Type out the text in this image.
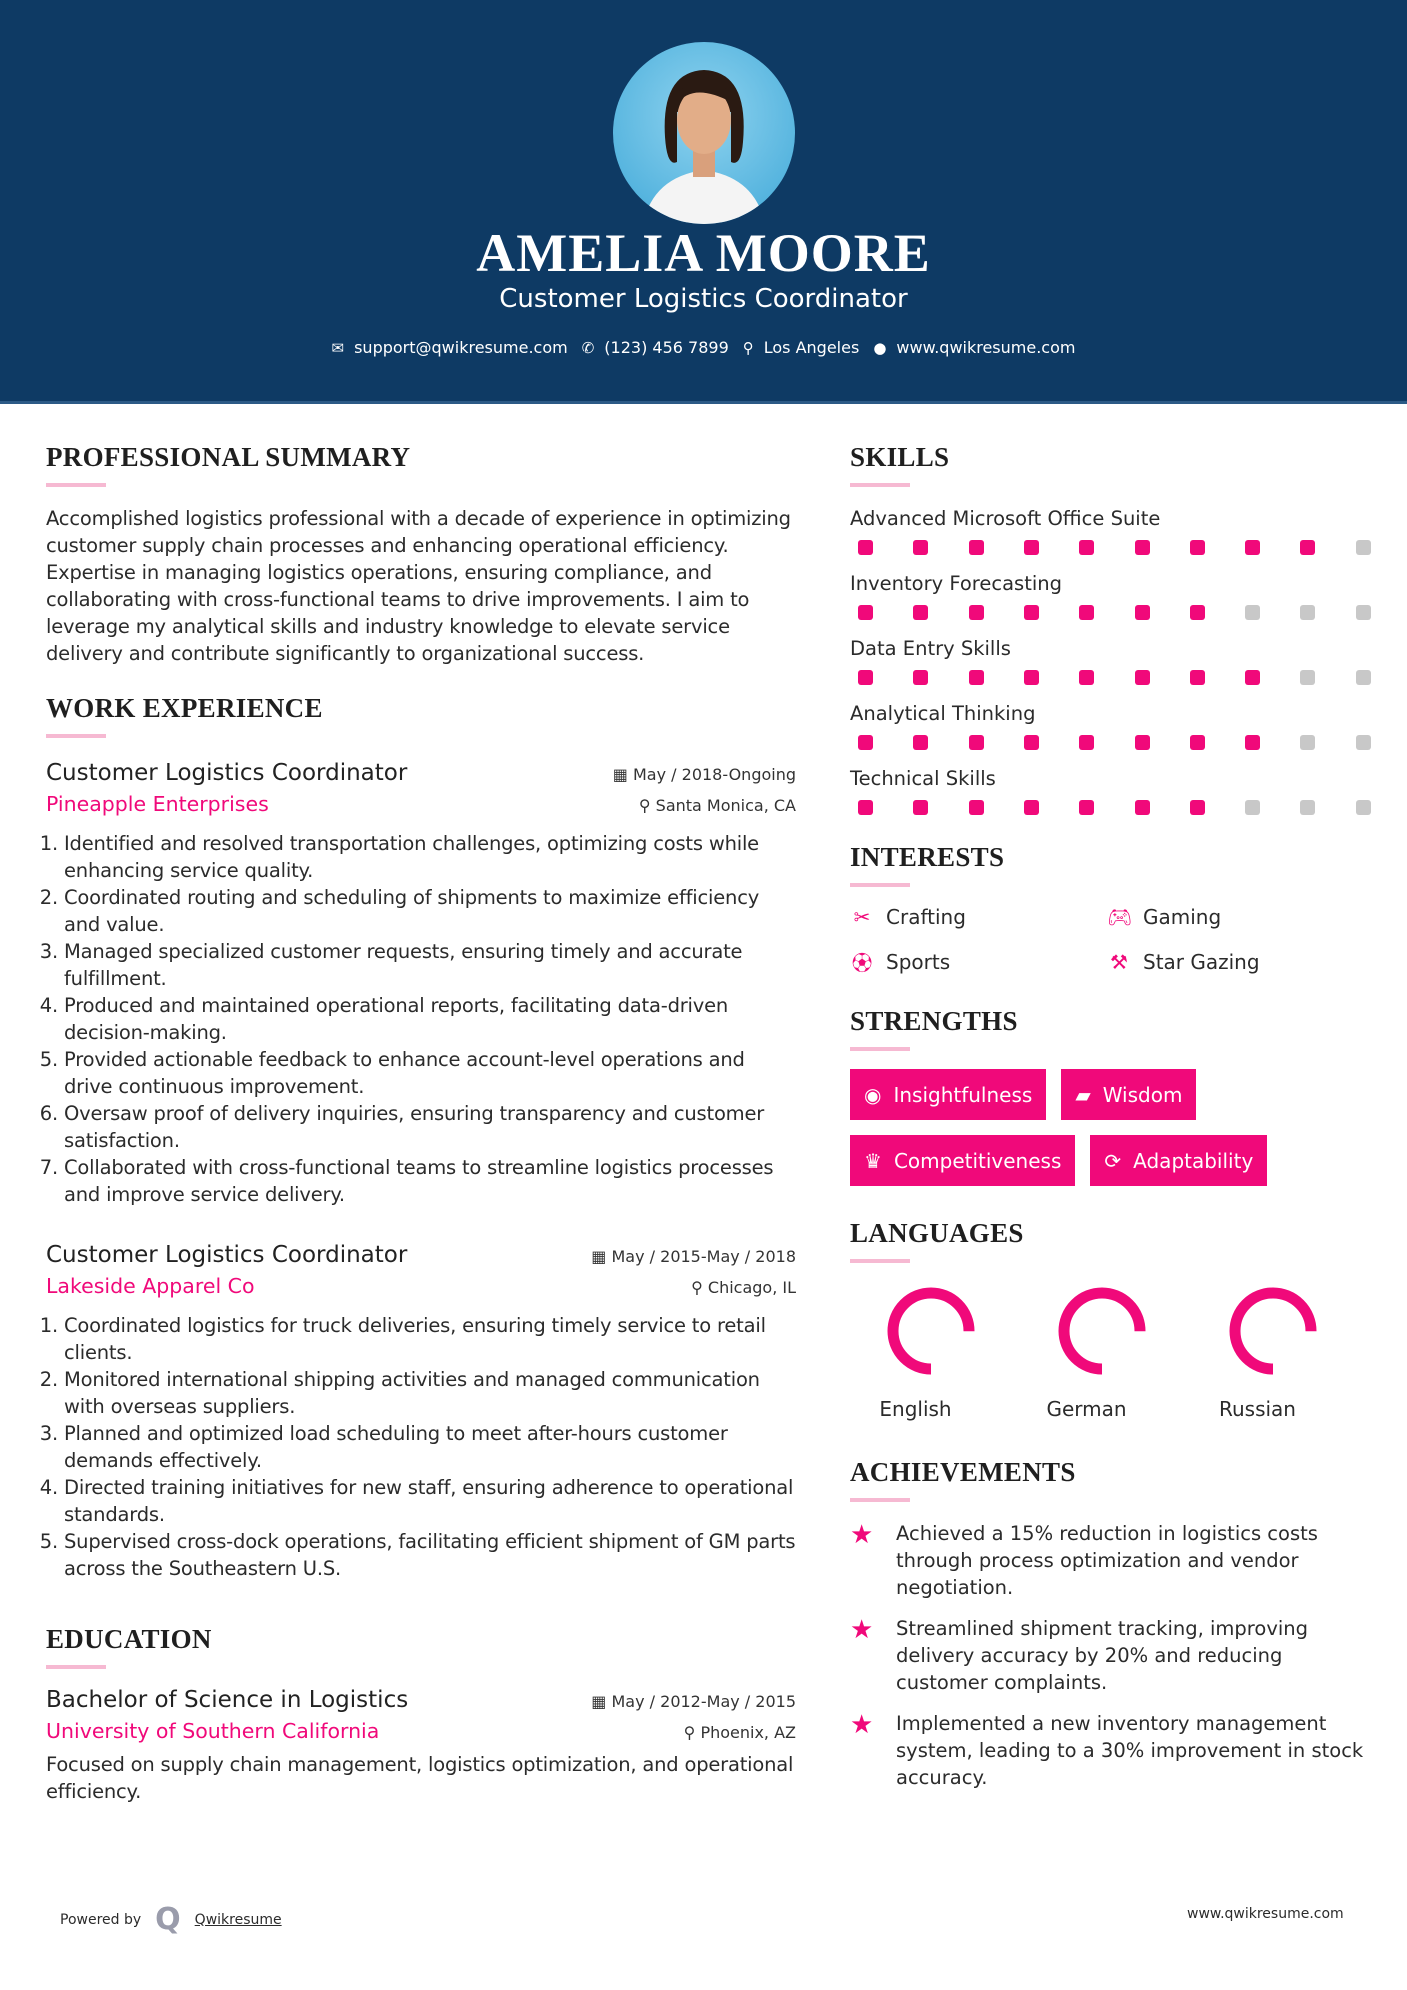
AMELIA MOORE
Customer Logistics Coordinator
✉ support@qwikresume.com ✆ (123) 456 7899 ⚲ Los Angeles ● www.qwikresume.com
PROFESSIONAL SUMMARY

Accomplished logistics professional with a decade of experience in optimizing customer supply chain processes and enhancing operational efficiency. Expertise in managing logistics operations, ensuring compliance, and collaborating with cross-functional teams to drive improvements. I aim to leverage my analytical skills and industry knowledge to elevate service delivery and contribute significantly to organizational success.

WORK EXPERIENCE
Customer Logistics Coordinator	▦ May / 2018-Ongoing
Pineapple Enterprises	⚲ Santa Monica, CA
1. Identified and resolved transportation challenges, optimizing costs while enhancing service quality.
2. Coordinated routing and scheduling of shipments to maximize efficiency and value.
3. Managed specialized customer requests, ensuring timely and accurate fulfillment.
4. Produced and maintained operational reports, facilitating data-driven decision-making.
5. Provided actionable feedback to enhance account-level operations and drive continuous improvement.
6. Oversaw proof of delivery inquiries, ensuring transparency and customer satisfaction.
7. Collaborated with cross-functional teams to streamline logistics processes and improve service delivery.
Customer Logistics Coordinator	▦ May / 2015-May / 2018
Lakeside Apparel Co	⚲ Chicago, IL
1. Coordinated logistics for truck deliveries, ensuring timely service to retail clients.
2. Monitored international shipping activities and managed communication with overseas suppliers.
3. Planned and optimized load scheduling to meet after-hours customer demands effectively.
4. Directed training initiatives for new staff, ensuring adherence to operational standards.
5. Supervised cross-dock operations, facilitating efficient shipment of GM parts across the Southeastern U.S.
EDUCATION
Bachelor of Science in Logistics	▦ May / 2012-May / 2015
University of Southern California	⚲ Phoenix, AZ

Focused on supply chain management, logistics optimization, and operational efficiency.

SKILLS
Advanced Microsoft Office Suite
Inventory Forecasting
Data Entry Skills
Analytical Thinking
Technical Skills
INTERESTS
✂ Crafting	🎮︎ Gaming
⚽︎ Sports	⚒ Star Gazing
STRENGTHS
◉ Insightfulness ▰ Wisdom
♛ Competitiveness ⟳ Adaptability
LANGUAGES
English	German	Russian
ACHIEVEMENTS
★	Achieved a 15% reduction in logistics costs through process optimization and vendor negotiation.
★	Streamlined shipment tracking, improving delivery accuracy by 20% and reducing customer complaints.
★	Implemented a new inventory management system, leading to a 30% improvement in stock accuracy.
Powered by Q Qwikresume	www.qwikresume.com
